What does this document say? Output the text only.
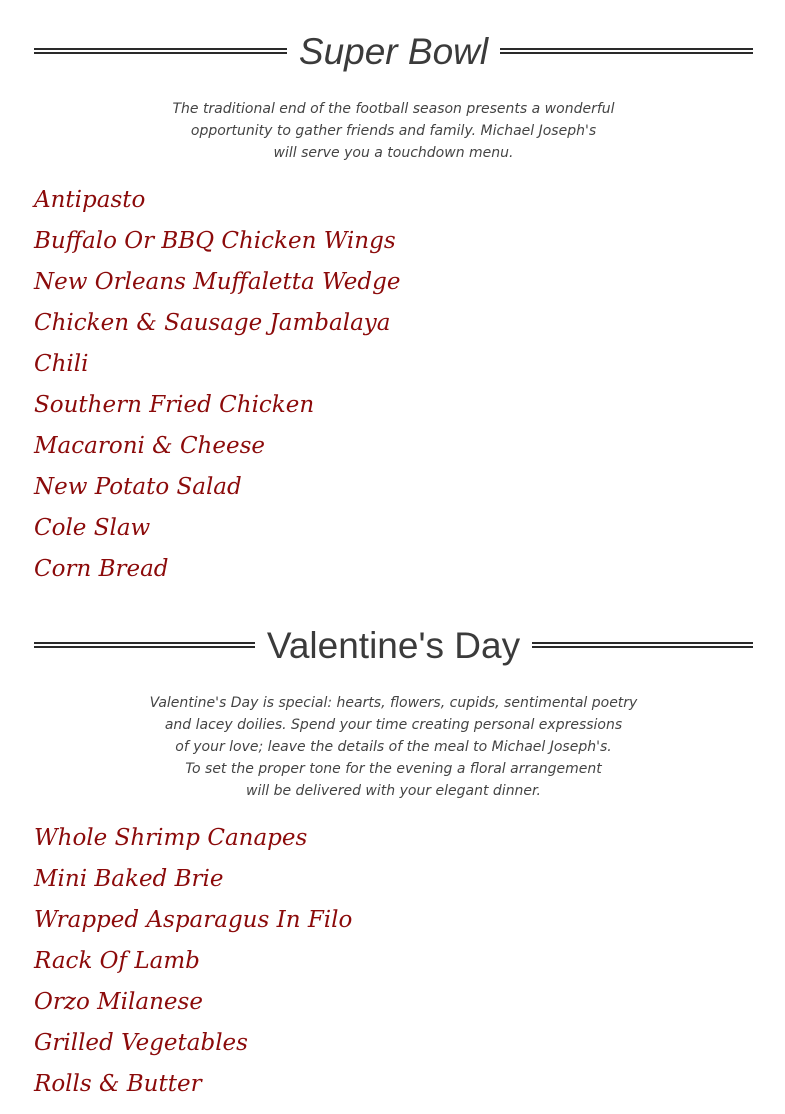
Super Bowl

The traditional end of the football season presents a wonderful
opportunity to gather friends and family. Michael Joseph's
will serve you a touchdown menu.

Antipasto
Buffalo Or BBQ Chicken Wings
New Orleans Muffaletta Wedge
Chicken & Sausage Jambalaya
Chili
Southern Fried Chicken
Macaroni & Cheese
New Potato Salad
Cole Slaw
Corn Bread
Valentine's Day

Valentine's Day is special: hearts, flowers, cupids, sentimental poetry
and lacey doilies. Spend your time creating personal expressions
of your love; leave the details of the meal to Michael Joseph's.
To set the proper tone for the evening a floral arrangement
will be delivered with your elegant dinner.

Whole Shrimp Canapes
Mini Baked Brie
Wrapped Asparagus In Filo
Rack Of Lamb
Orzo Milanese
Grilled Vegetables
Rolls & Butter
